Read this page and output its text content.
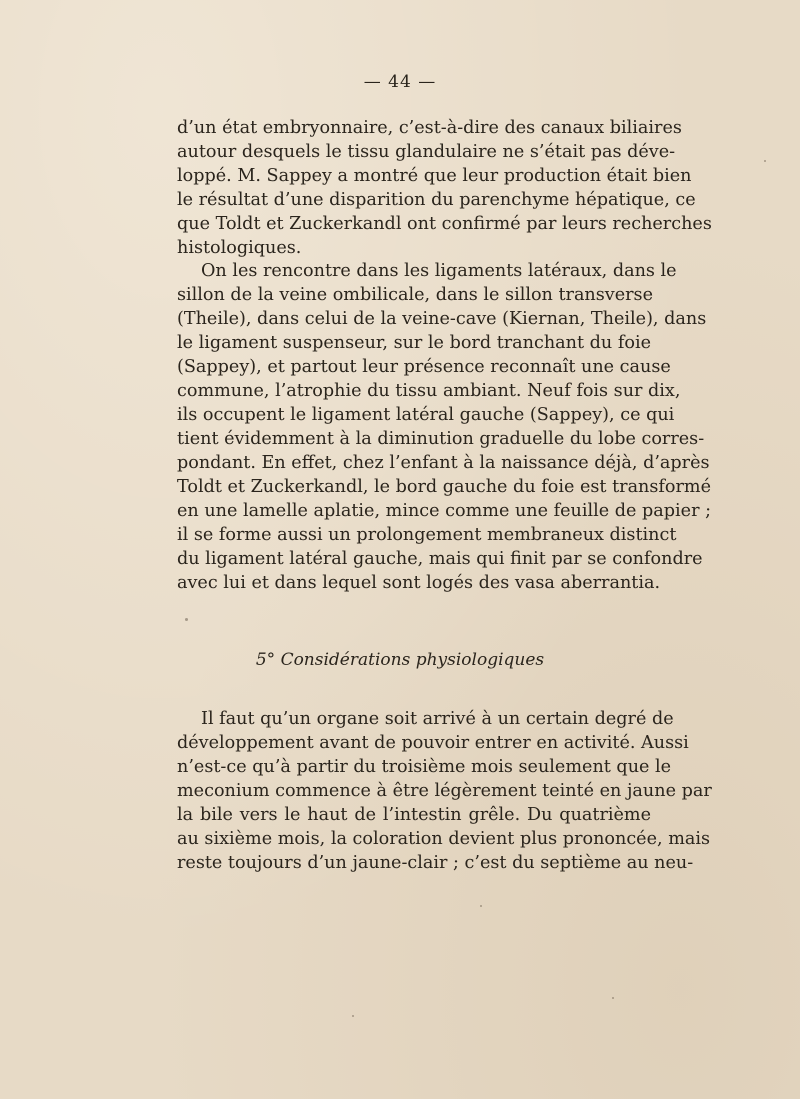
— 44 —
d’un état embryonnaire, c’est-à-dire des canaux biliaires
autour desquels le tissu glandulaire ne s’était pas déve-
loppé. M. Sappey a montré que leur production était bien
le résultat d’une disparition du parenchyme hépatique, ce
que Toldt et Zuckerkandl ont confirmé par leurs recherches
histologiques.
On les rencontre dans les ligaments latéraux, dans le
sillon de la veine ombilicale, dans le sillon transverse
(Theile), dans celui de la veine-cave (Kiernan, Theile), dans
le ligament suspenseur, sur le bord tranchant du foie
(Sappey), et partout leur présence reconnaît une cause
commune, l’atrophie du tissu ambiant. Neuf fois sur dix,
ils occupent le ligament latéral gauche (Sappey), ce qui
tient évidemment à la diminution graduelle du lobe corres-
pondant. En effet, chez l’enfant à la naissance déjà, d’après
Toldt et Zuckerkandl, le bord gauche du foie est transformé
en une lamelle aplatie, mince comme une feuille de papier ;
il se forme aussi un prolongement membraneux distinct
du ligament latéral gauche, mais qui finit par se confondre
avec lui et dans lequel sont logés des vasa aberrantia.
5° Considérations physiologiques
Il faut qu’un organe soit arrivé à un certain degré de
développement avant de pouvoir entrer en activité. Aussi
n’est-ce qu’à partir du troisième mois seulement que le
meconium commence à être légèrement teinté en jaune par
la bile vers le haut de l’intestin grêle. Du quatrième
au sixième mois, la coloration devient plus prononcée, mais
reste toujours d’un jaune-clair ; c’est du septième au neu-
